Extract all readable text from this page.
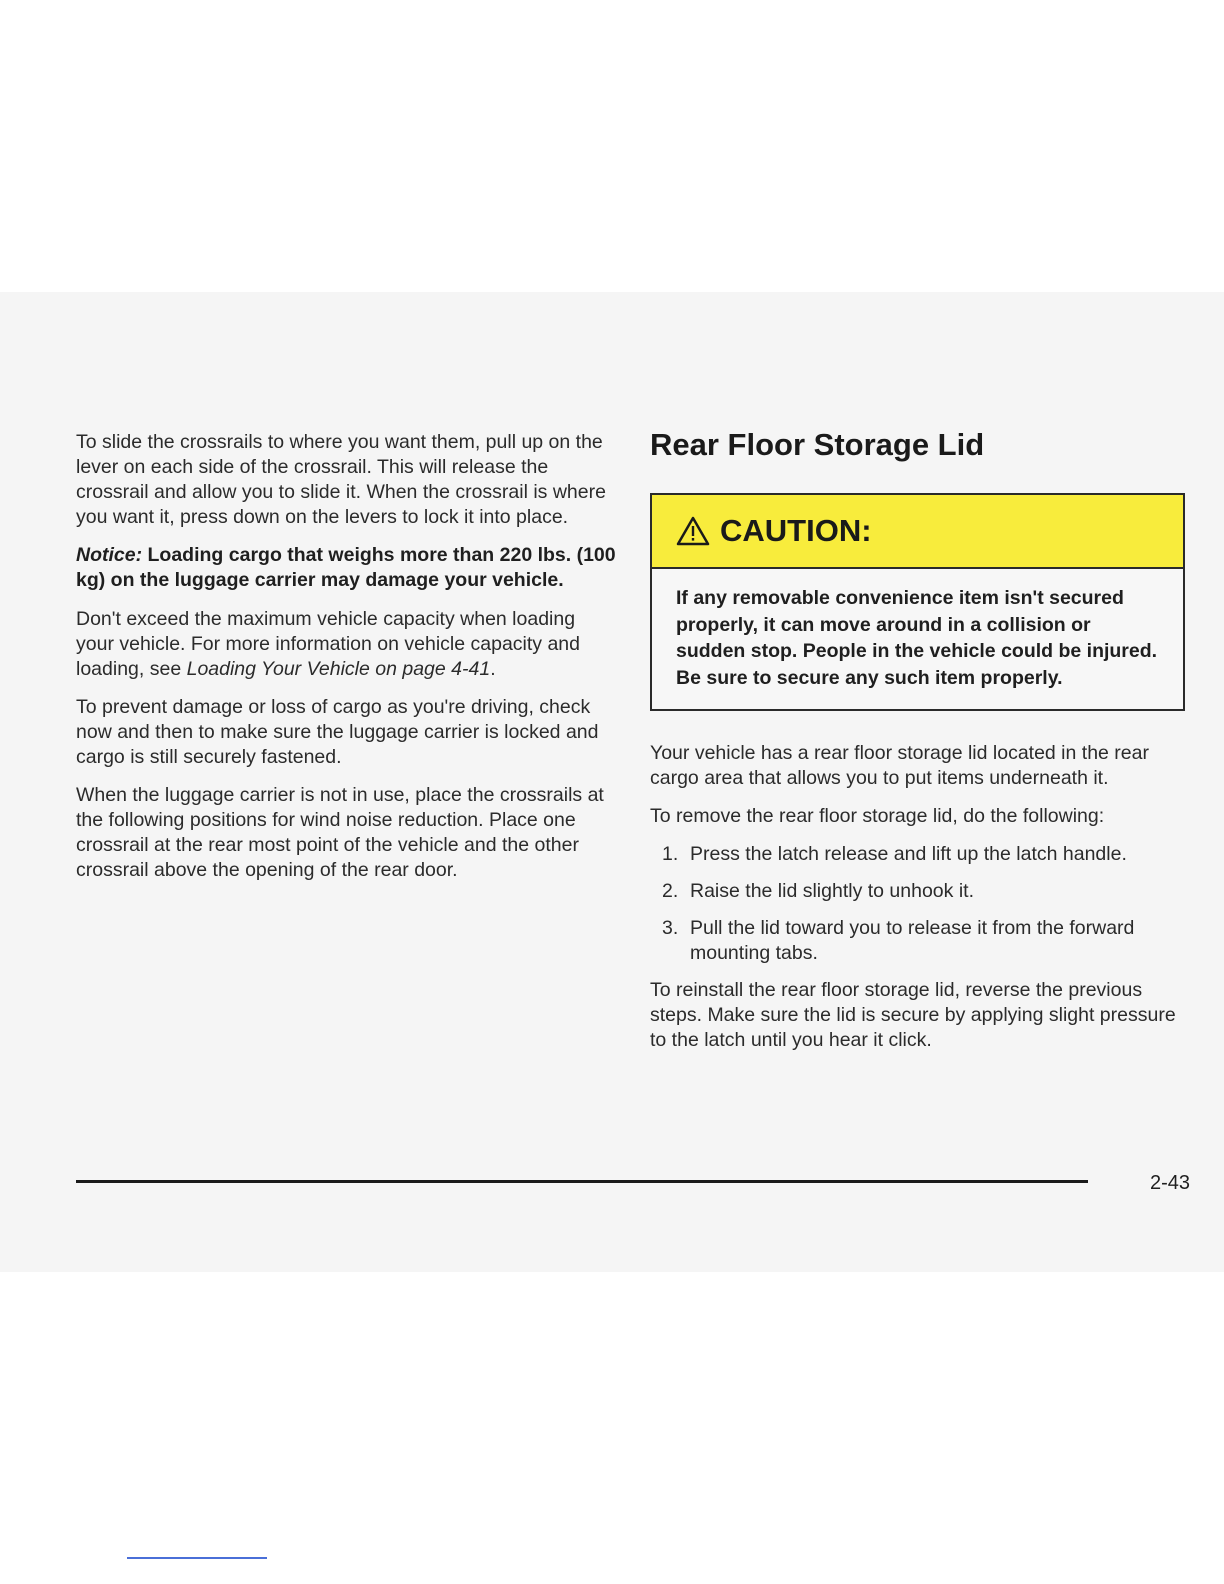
To slide the crossrails to where you want them, pull up on the lever on each side of the crossrail. This will release the crossrail and allow you to slide it. When the crossrail is where you want it, press down on the levers to lock it into place.

Notice: Loading cargo that weighs more than 220 lbs. (100 kg) on the luggage carrier may damage your vehicle.

Don't exceed the maximum vehicle capacity when loading your vehicle. For more information on vehicle capacity and loading, see Loading Your Vehicle on page 4-41.

To prevent damage or loss of cargo as you're driving, check now and then to make sure the luggage carrier is locked and cargo is still securely fastened.

When the luggage carrier is not in use, place the crossrails at the following positions for wind noise reduction. Place one crossrail at the rear most point of the vehicle and the other crossrail above the opening of the rear door.

Rear Floor Storage Lid
CAUTION:
If any removable convenience item isn't secured properly, it can move around in a collision or sudden stop. People in the vehicle could be injured. Be sure to secure any such item properly.

Your vehicle has a rear floor storage lid located in the rear cargo area that allows you to put items underneath it.

To remove the rear floor storage lid, do the following:

1. Press the latch release and lift up the latch handle.
2. Raise the lid slightly to unhook it.
3. Pull the lid toward you to release it from the forward mounting tabs.

To reinstall the rear floor storage lid, reverse the previous steps. Make sure the lid is secure by applying slight pressure to the latch until you hear it click.

2-43
